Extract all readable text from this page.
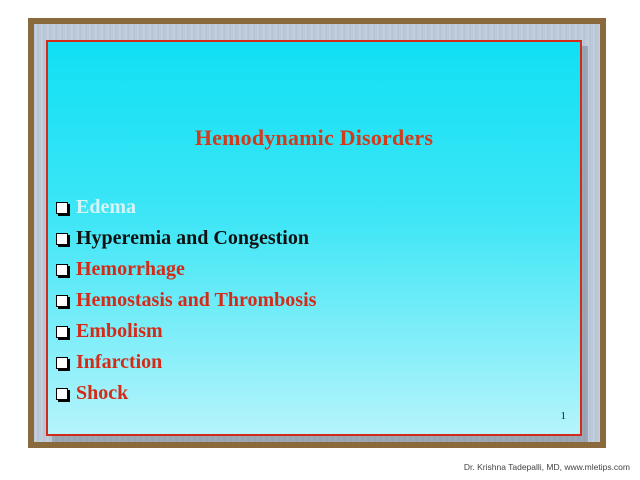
Hemodynamic Disorders
Edema
Hyperemia and Congestion
Hemorrhage
Hemostasis and Thrombosis
Embolism
Infarction
Shock
1
Dr. Krishna Tadepalli, MD, www.mletips.com
